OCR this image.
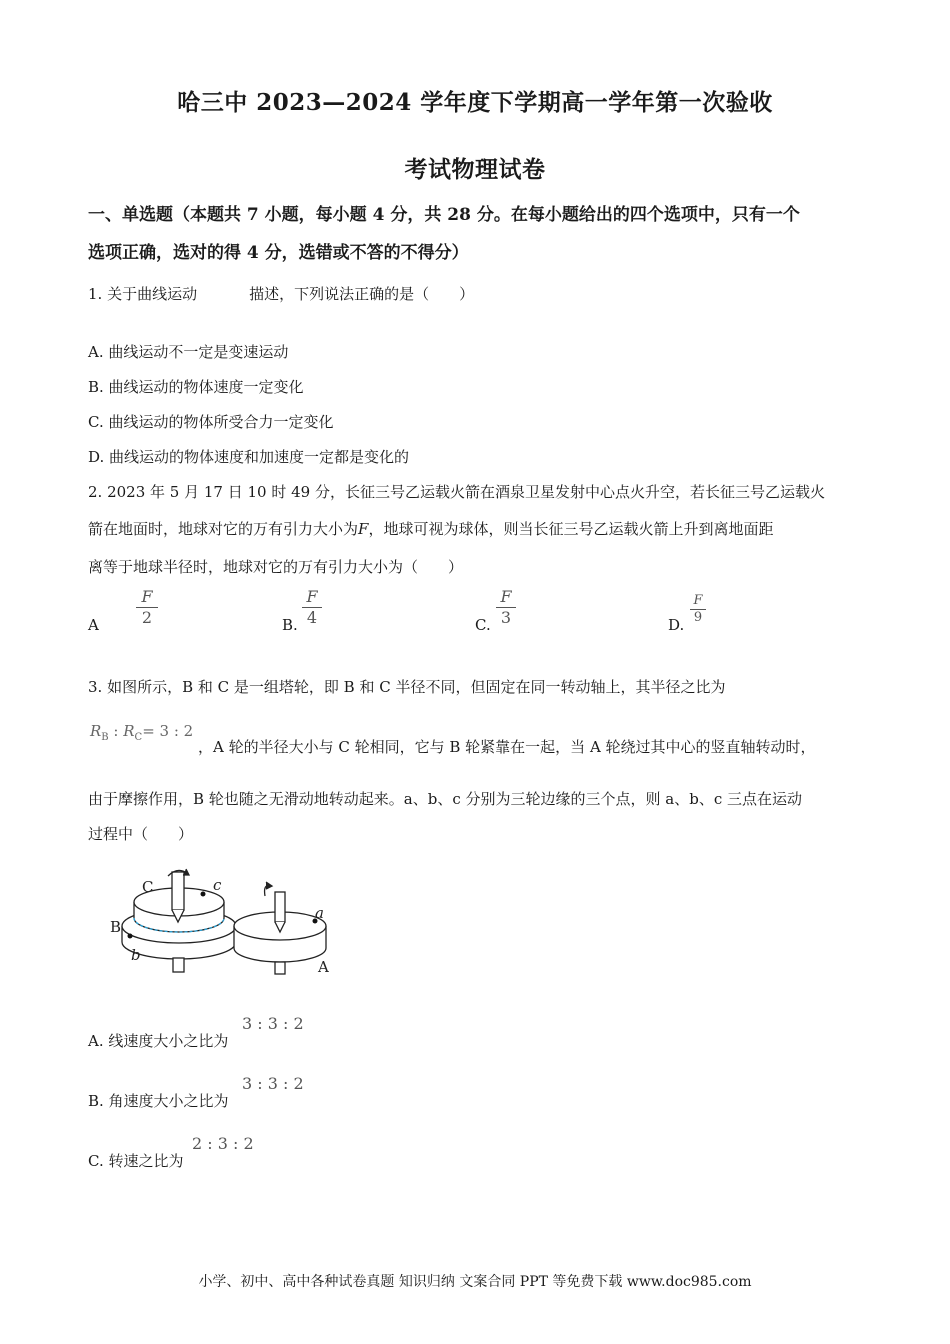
哈三中 2023—2024 学年度下学期高一学年第一次验收
考试物理试卷
一、单选题（本题共 7 小题，每小题 4 分，共 28 分。在每小题给出的四个选项中，只有一个
选项正确，选对的得 4 分，选错或不答的不得分）
1. 关于曲线运动	描述，下列说法正确的是（　　）
A. 曲线运动不一定是变速运动
B. 曲线运动的物体速度一定变化
C. 曲线运动的物体所受合力一定变化
D. 曲线运动的物体速度和加速度一定都是变化的
2. 2023 年 5 月 17 日 10 时 49 分，长征三号乙运载火箭在酒泉卫星发射中心点火升空，若长征三号乙运载火
箭在地面时，地球对它的万有引力大小为F，地球可视为球体，则当长征三号乙运载火箭上升到离地面距
离等于地球半径时，地球对它的万有引力大小为（　　）
A
F
2	B.
F
4	C.
F
3	D.
F
9
3. 如图所示，B 和 C 是一组塔轮，即 B 和 C 半径不同，但固定在同一转动轴上，其半径之比为
$R_B$ : $R_C= 3$ : 2
，A 轮的半径大小与 C 轮相同，它与 B 轮紧靠在一起，当 A 轮绕过其中心的竖直轴转动时，
由于摩擦作用，B 轮也随之无滑动地转动起来。a、b、c 分别为三轮边缘的三个点，则 a、b、c 三点在运动
过程中（　　）
C
B
A
c
a
b
A. 线速度大小之比为
3 : 3 : 2
B. 角速度大小之比为
3 : 3 : 2
C. 转速之比为
2 : 3 : 2
小学、初中、高中各种试卷真题 知识归纳 文案合同 PPT 等免费下载 www.doc985.com
